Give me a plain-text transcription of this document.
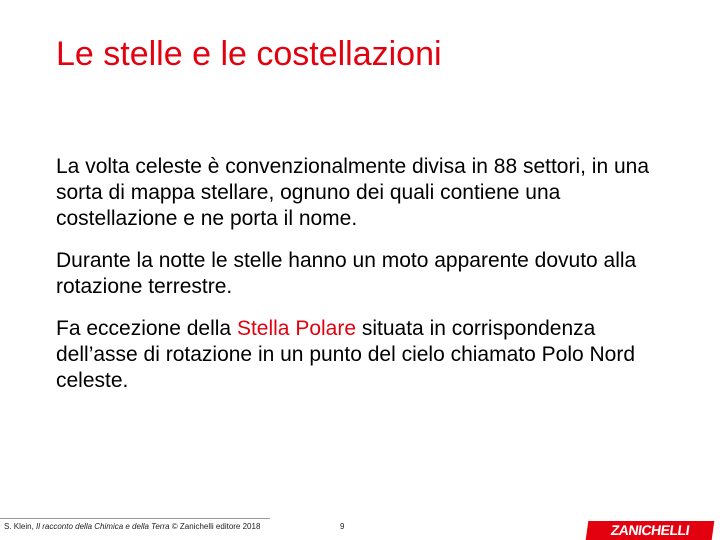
Le stelle e le costellazioni

La volta celeste è convenzionalmente divisa in 88 settori, in una sorta di mappa stellare, ognuno dei quali contiene una costellazione e ne porta il nome.

Durante la notte le stelle hanno un moto apparente dovuto alla rotazione terrestre.

Fa eccezione della Stella Polare situata in corrispondenza dell’asse di rotazione in un punto del cielo chiamato Polo Nord celeste.

S. Klein, Il racconto della Chimica e della Terra © Zanichelli editore 2018	9	ZANICHELLI
